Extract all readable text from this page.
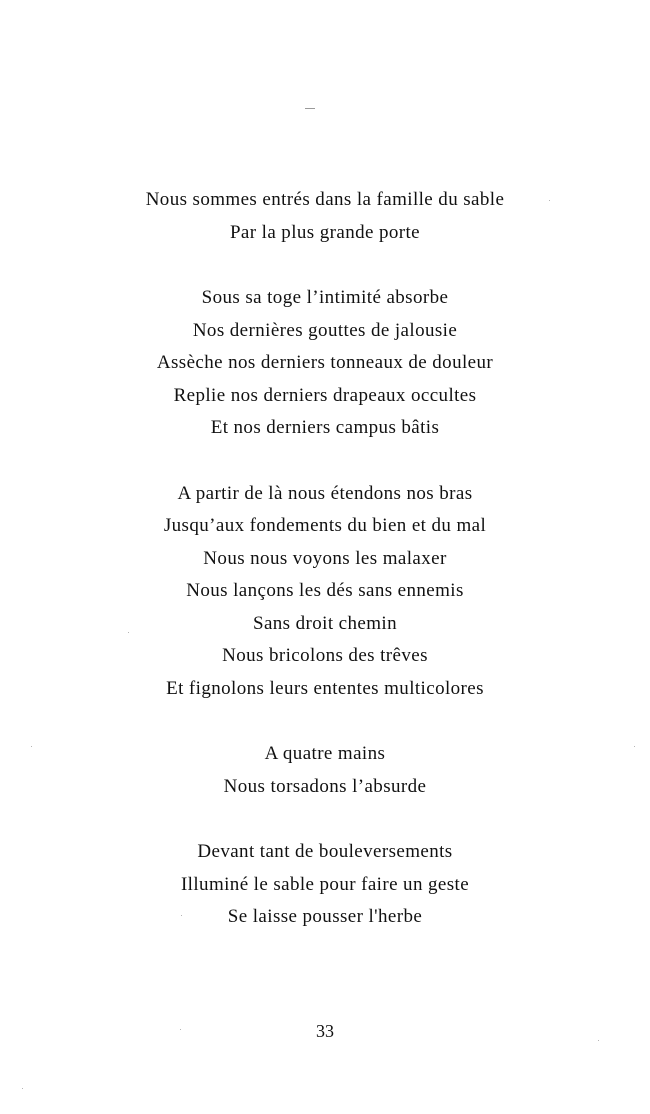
Nous sommes entrés dans la famille du sable
Par la plus grande porte
Sous sa toge l’intimité absorbe
Nos dernières gouttes de jalousie
Assèche nos derniers tonneaux de douleur
Replie nos derniers drapeaux occultes
Et nos derniers campus bâtis
A partir de là nous étendons nos bras
Jusqu’aux fondements du bien et du mal
Nous nous voyons les malaxer
Nous lançons les dés sans ennemis
Sans droit chemin
Nous bricolons des trêves
Et fignolons leurs ententes multicolores
A quatre mains
Nous torsadons l’absurde
Devant tant de bouleversements
Illuminé le sable pour faire un geste
Se laisse pousser l'herbe
33
